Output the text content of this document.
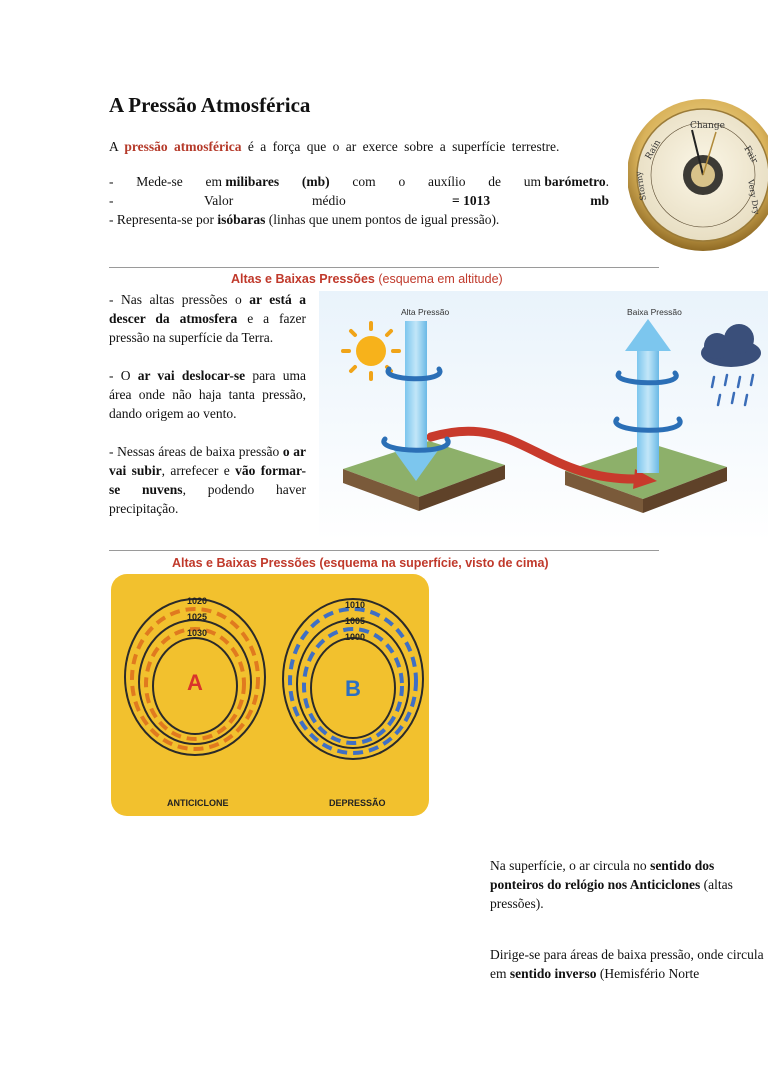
A Pressão Atmosférica
A pressão atmosférica é a força que o ar exerce sobre a superfície terrestre.
- Mede-se em milibares (mb) com o auxílio de um barómetro.
-	Valor	médio	= 1013	mb
- Representa-se por isóbaras (linhas que unem pontos de igual pressão).
Change
Rain	Fair
Stormy	Very Dry
Altas e Baixas Pressões (esquema em altitude)
- Nas altas pressões o ar está a descer da atmosfera e a fazer pressão na superfície da Terra.
- O ar vai deslocar-se para uma área onde não haja tanta pressão, dando origem ao vento.
- Nessas áreas de baixa pressão o ar vai subir, arrefecer e vão formar-se nuvens, podendo haver precipitação.
Alta Pressão	Baixa Pressão
Altas e Baixas Pressões (esquema na superfície, visto de cima)
1020
1025
1030
A
ANTICICLONE
1010
1005
1000
B
DEPRESSÃO
Na superfície, o ar circula no sentido dos ponteiros do relógio nos Anticiclones (altas pressões).
Dirige-se para áreas de baixa pressão, onde circula em sentido inverso (Hemisfério Norte
